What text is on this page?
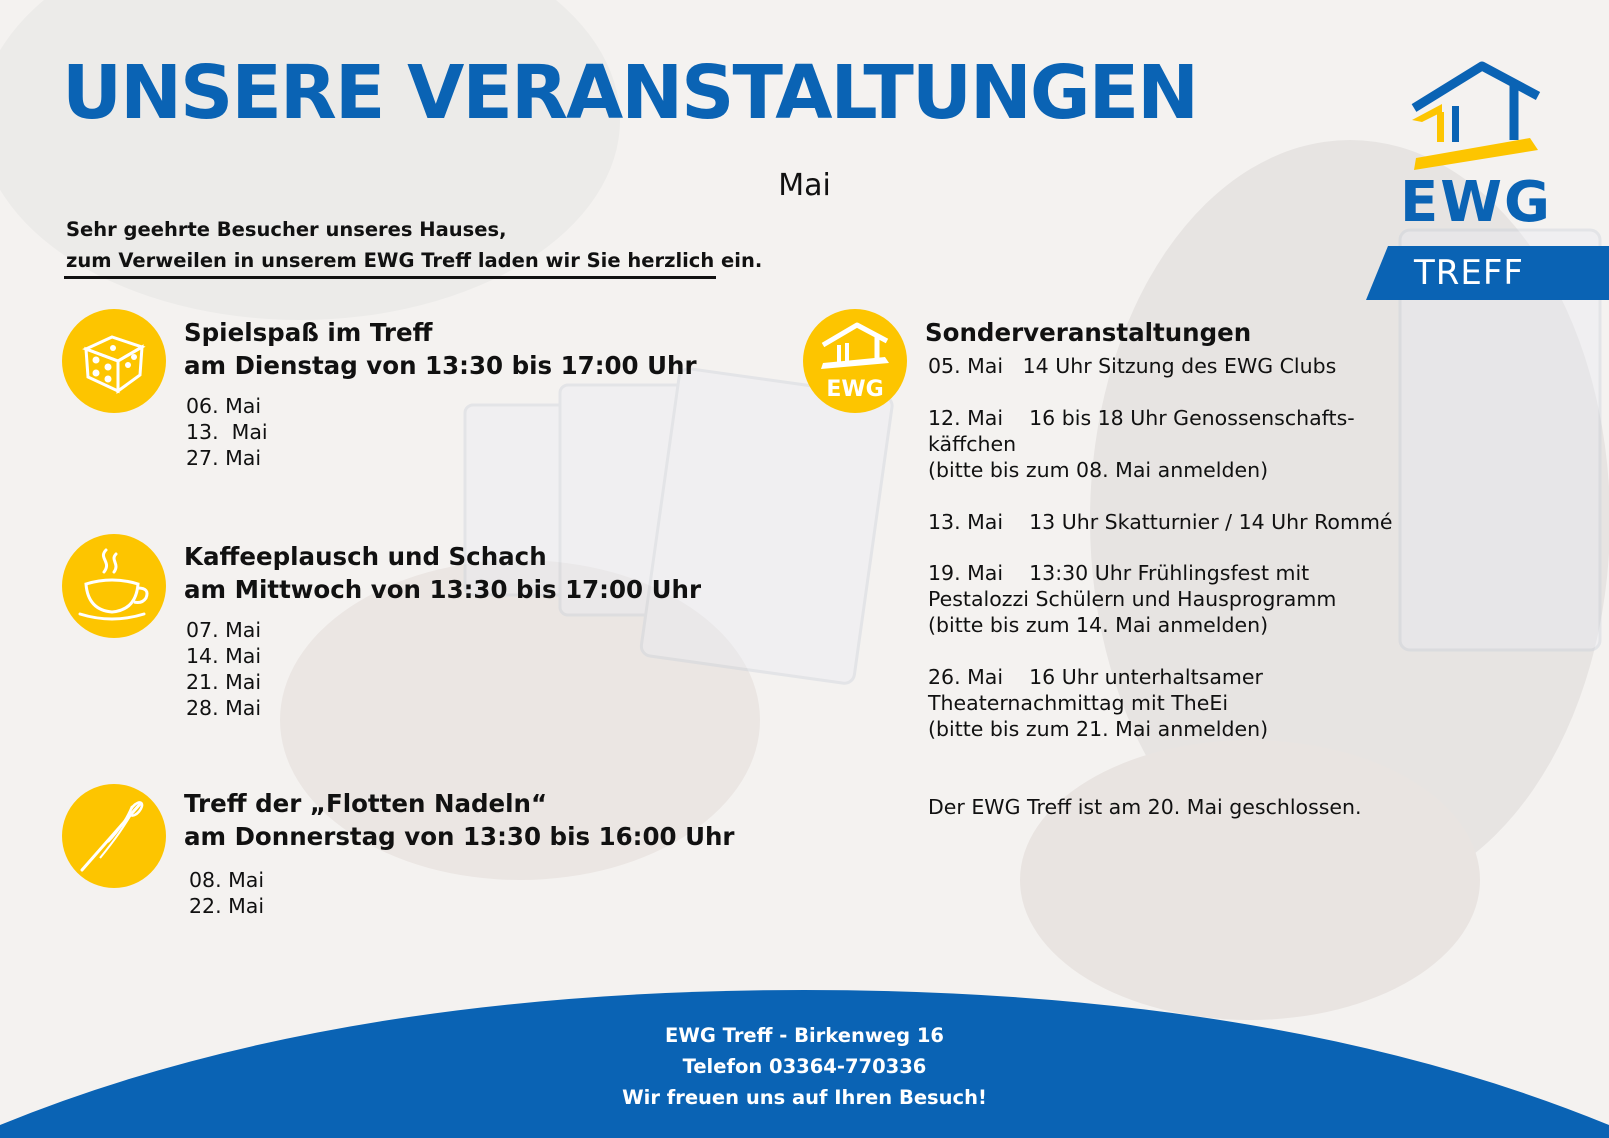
UNSERE VERANSTALTUNGEN
Mai
Sehr geehrte Besucher unseres Hauses,
zum Verweilen in unserem EWG Treff laden wir Sie herzlich ein.
EWG
TREFF
Spielspaß im Treff
am Dienstag von 13:30 bis 17:00 Uhr
06. Mai
13.  Mai
27. Mai
Kaffeeplausch und Schach
am Mittwoch von 13:30 bis 17:00 Uhr
07. Mai
14. Mai
21. Mai
28. Mai
Treff der „Flotten Nadeln“
am Donnerstag von 13:30 bis 16:00 Uhr
08. Mai
22. Mai
EWG
Sonderveranstaltungen
05. Mai   14 Uhr Sitzung des EWG Clubs
12. Mai    16 bis 18 Uhr Genossenschafts-
käffchen
(bitte bis zum 08. Mai anmelden)
13. Mai    13 Uhr Skatturnier / 14 Uhr Rommé
19. Mai    13:30 Uhr Frühlingsfest mit
Pestalozzi Schülern und Hausprogramm
(bitte bis zum 14. Mai anmelden)
26. Mai    16 Uhr unterhaltsamer
Theaternachmittag mit TheEi
(bitte bis zum 21. Mai anmelden)
Der EWG Treff ist am 20. Mai geschlossen.
EWG Treff - Birkenweg 16
Telefon 03364-770336
Wir freuen uns auf Ihren Besuch!
